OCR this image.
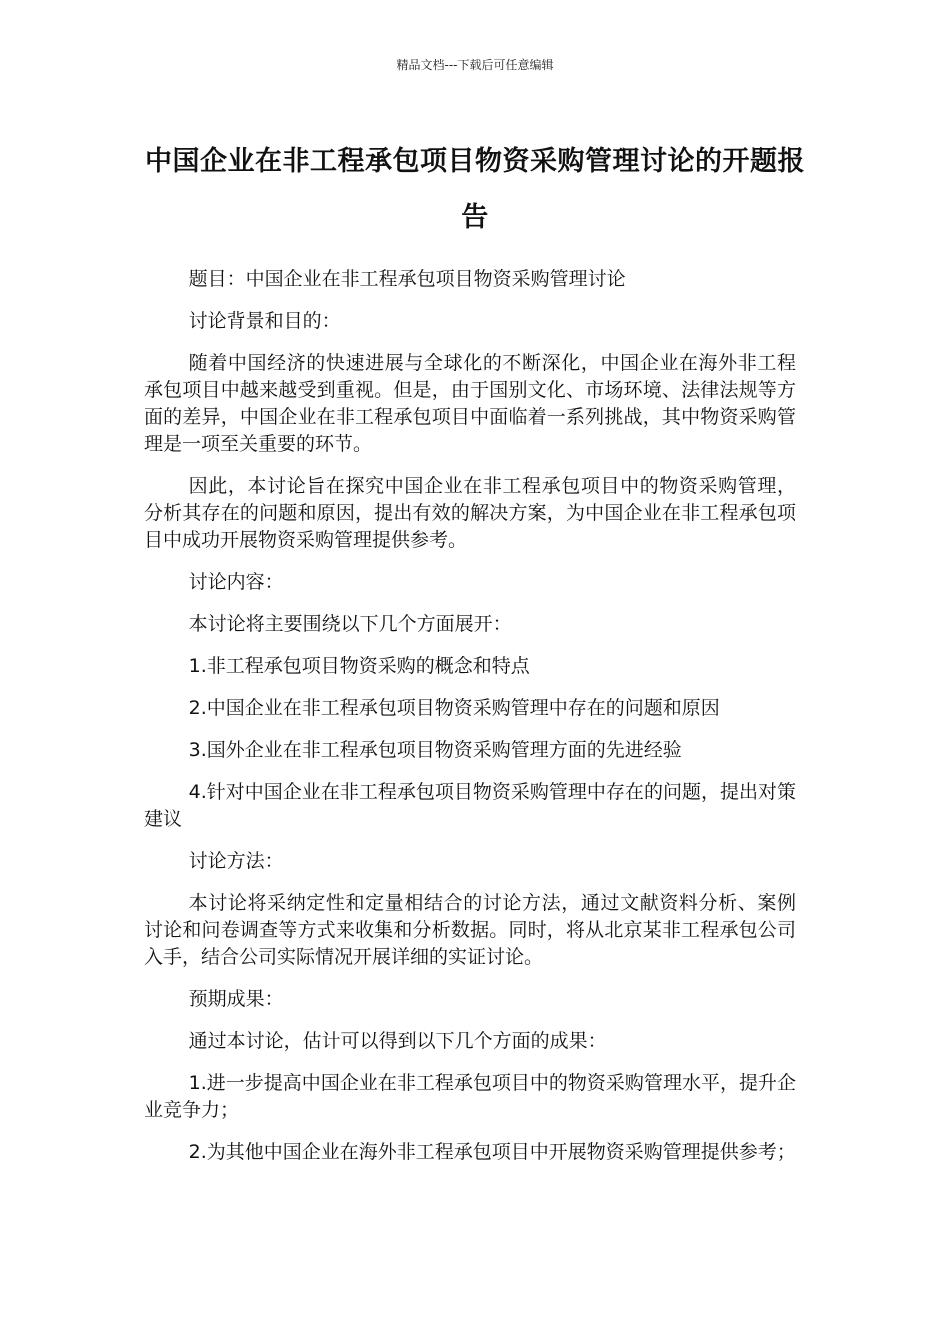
精品文档---下载后可任意编辑
中国企业在非工程承包项目物资采购管理讨论的开题报告

题目：中国企业在非工程承包项目物资采购管理讨论

讨论背景和目的：

随着中国经济的快速进展与全球化的不断深化，中国企业在海外非工程承包项目中越来越受到重视。但是，由于国别文化、市场环境、法律法规等方面的差异，中国企业在非工程承包项目中面临着一系列挑战，其中物资采购管理是一项至关重要的环节。

因此，本讨论旨在探究中国企业在非工程承包项目中的物资采购管理，分析其存在的问题和原因，提出有效的解决方案，为中国企业在非工程承包项目中成功开展物资采购管理提供参考。

讨论内容：

本讨论将主要围绕以下几个方面展开：

1.非工程承包项目物资采购的概念和特点

2.中国企业在非工程承包项目物资采购管理中存在的问题和原因

3.国外企业在非工程承包项目物资采购管理方面的先进经验

4.针对中国企业在非工程承包项目物资采购管理中存在的问题，提出对策建议

讨论方法：

本讨论将采纳定性和定量相结合的讨论方法，通过文献资料分析、案例讨论和问卷调查等方式来收集和分析数据。同时，将从北京某非工程承包公司入手，结合公司实际情况开展详细的实证讨论。

预期成果：

通过本讨论，估计可以得到以下几个方面的成果：

1.进一步提高中国企业在非工程承包项目中的物资采购管理水平，提升企业竞争力；

2.为其他中国企业在海外非工程承包项目中开展物资采购管理提供参考；
